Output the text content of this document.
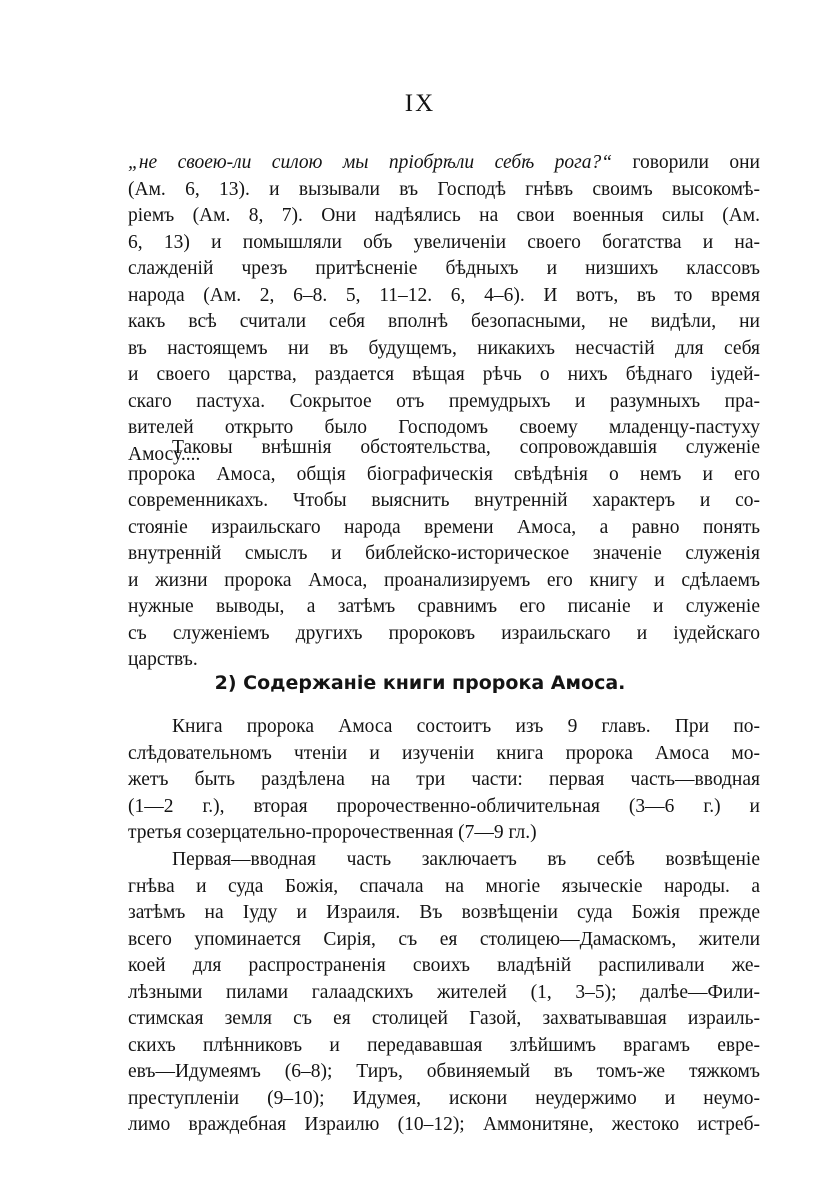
IX
„не своею-ли силою мы пріобрѣли себѣ рога?“ говорили они
(Ам. 6, 13). и вызывали въ Господѣ гнѣвъ своимъ высокомѣ-
ріемъ (Ам. 8, 7). Они надѣялись на свои военныя силы (Ам.
6, 13) и помышляли объ увеличеніи своего богатства и на-
слажденій чрезъ притѣсненіе бѣдныхъ и низшихъ классовъ
народа (Ам. 2, 6–8. 5, 11–12. 6, 4–6). И вотъ, въ то время
какъ всѣ считали себя вполнѣ безопасными, не видѣли, ни
въ настоящемъ ни въ будущемъ, никакихъ несчастій для себя
и своего царства, раздается вѣщая рѣчь о нихъ бѣднаго іудей-
скаго пастуха. Сокрытое отъ премудрыхъ и разумныхъ пра-
вителей открыто было Господомъ своему младенцу-пастуху
Амосу....
Таковы внѣшнія обстоятельства, сопровождавшія служеніе
пророка Амоса, общія біографическія свѣдѣнія о немъ и его
современникахъ. Чтобы выяснить внутренній характеръ и со-
стояніе израильскаго народа времени Амоса, а равно понять
внутренній смыслъ и библейско-историческое значеніе служенія
и жизни пророка Амоса, проанализируемъ его книгу и сдѣлаемъ
нужные выводы, а затѣмъ сравнимъ его писаніе и служеніе
съ служеніемъ другихъ пророковъ израильскаго и іудейскаго
царствъ.
2) Содержаніе книги пророка Амоса.
Книга пророка Амоса состоитъ изъ 9 главъ. При по-
слѣдовательномъ чтеніи и изученіи книга пророка Амоса мо-
жетъ быть раздѣлена на три части: первая часть—вводная
(1—2 г.), вторая пророчественно-обличительная (3—6 г.) и
третья созерцательно-пророчественная (7—9 гл.)
Первая—вводная часть заключаетъ въ себѣ возвѣщеніе
гнѣва и суда Божія, спачала на многіе языческіе народы. а
затѣмъ на Іуду и Израиля. Въ возвѣщеніи суда Божія прежде
всего упоминается Сирія, съ ея столицею—Дамаскомъ, жители
коей для распространенія своихъ владѣній распиливали же-
лѣзными пилами галаадскихъ жителей (1, 3–5); далѣе—Фили-
стимская земля съ ея столицей Газой, захватывавшая израиль-
скихъ плѣнниковъ и передававшая злѣйшимъ врагамъ евре-
евъ—Идумеямъ (6–8); Тиръ, обвиняемый въ томъ-же тяжкомъ
преступленіи (9–10); Идумея, искони неудержимо и неумо-
лимо враждебная Израилю (10–12); Аммонитяне, жестоко истреб-
